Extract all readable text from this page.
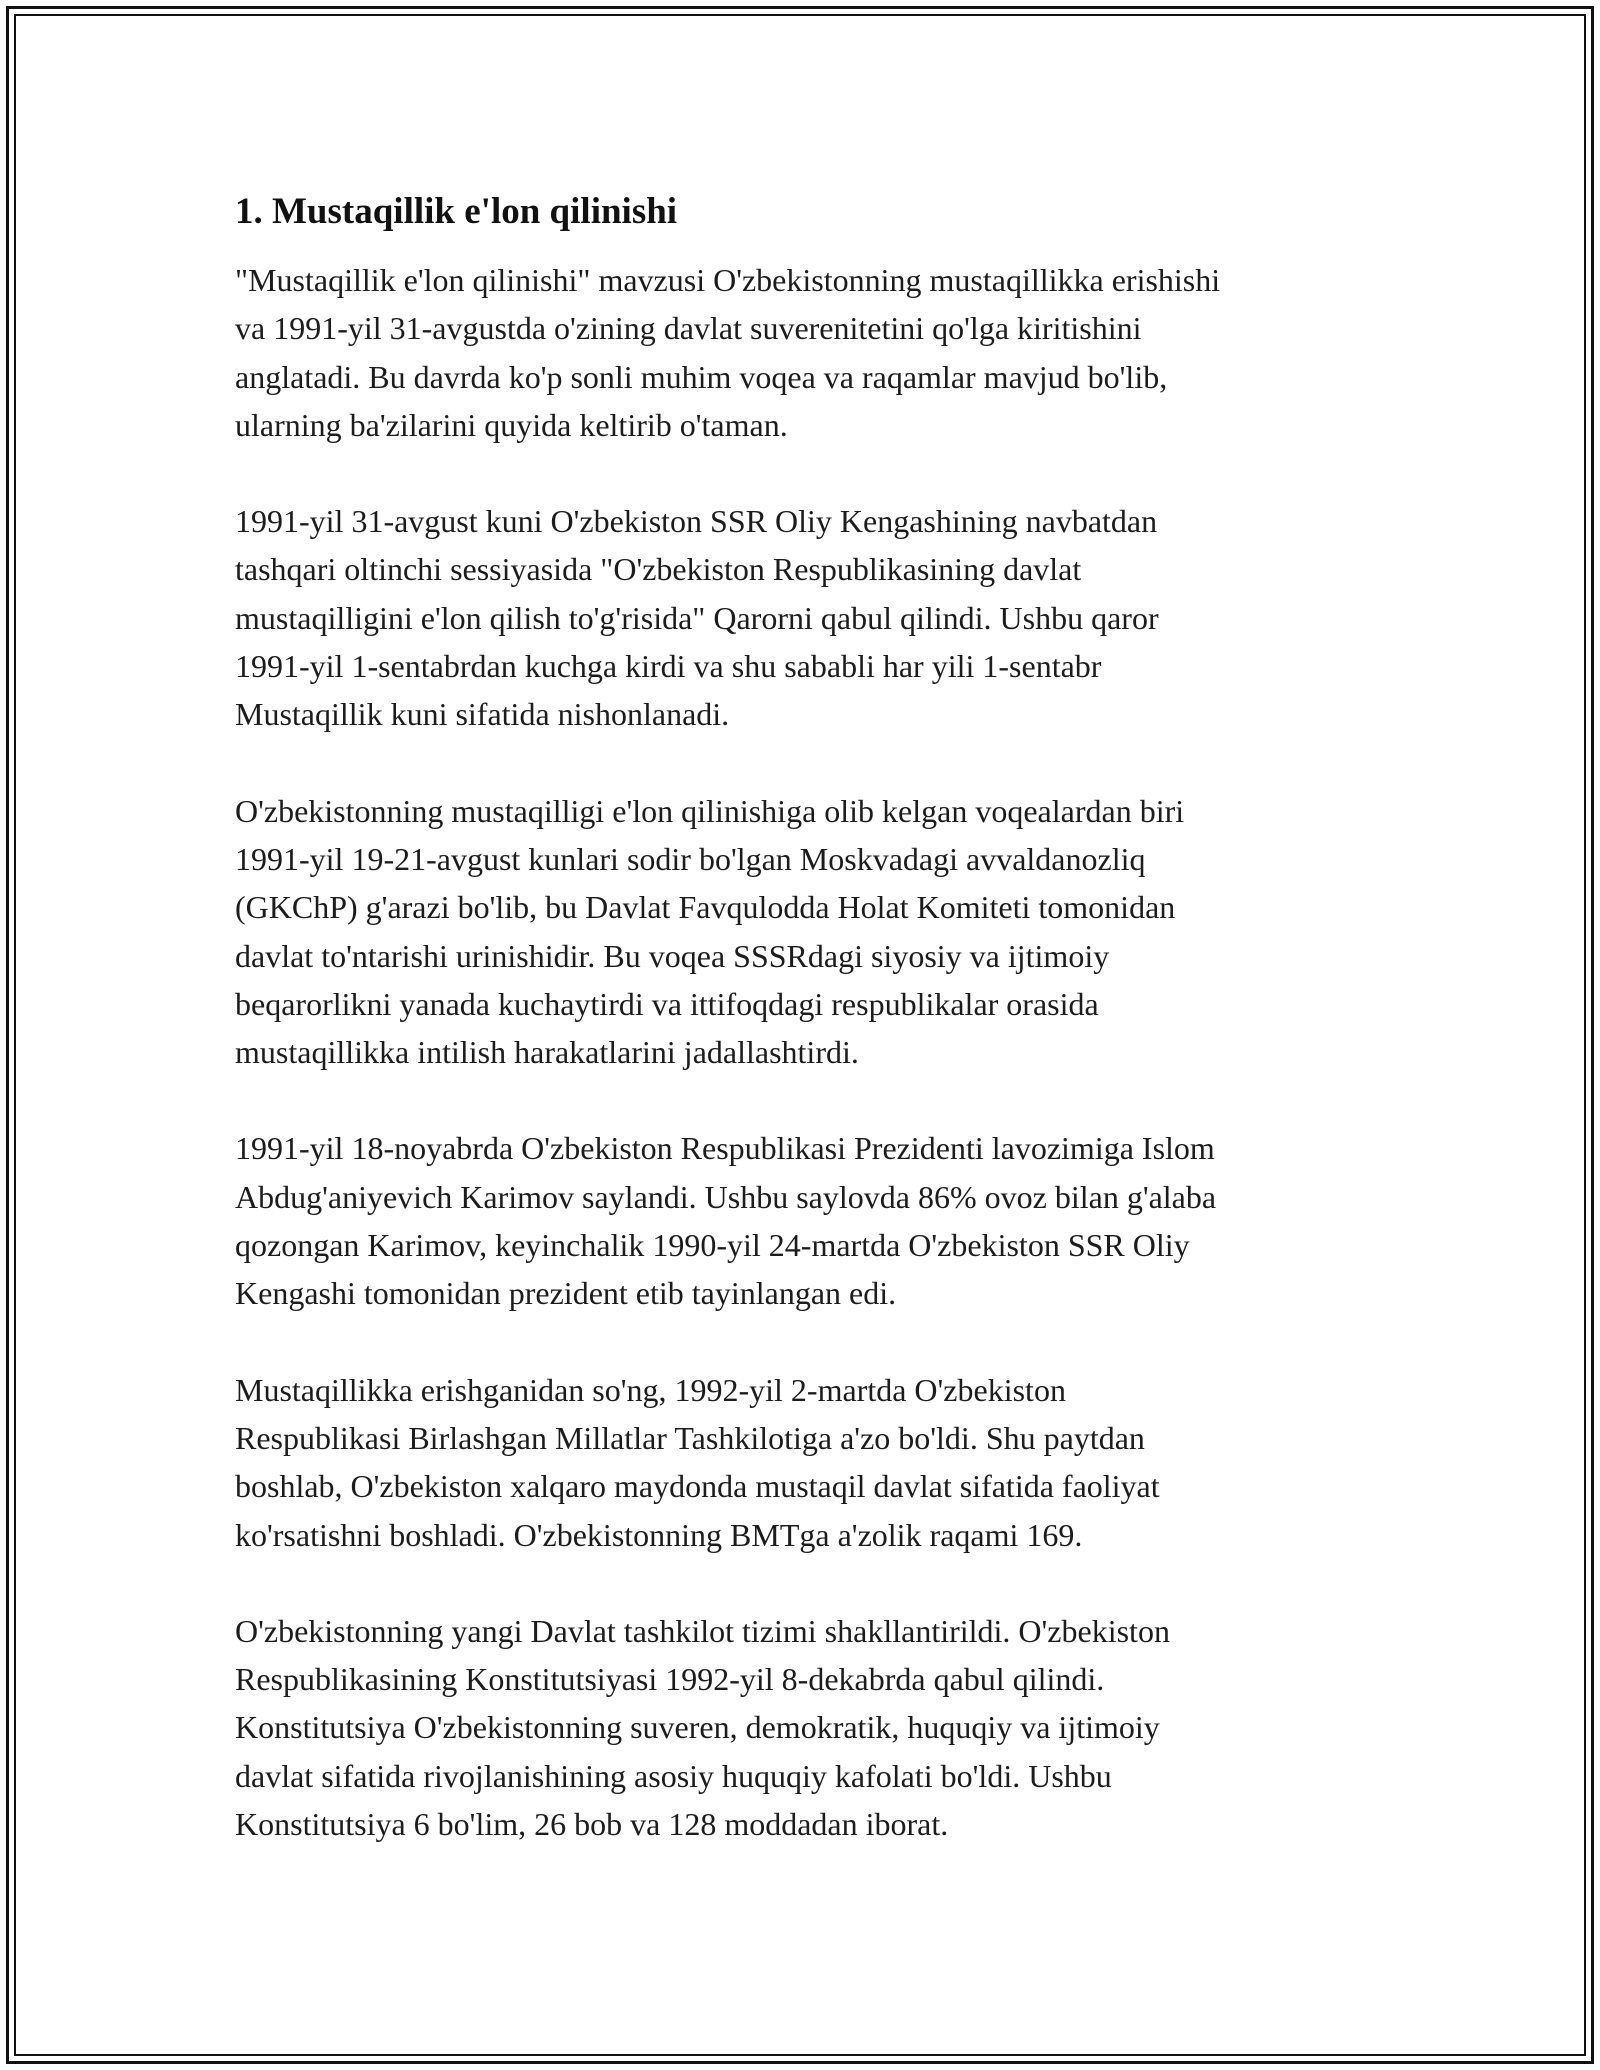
1. Mustaqillik e'lon qilinishi
"Mustaqillik e'lon qilinishi" mavzusi O'zbekistonning mustaqillikka erishishi
va 1991-yil 31-avgustda o'zining davlat suverenitetini qo'lga kiritishini
anglatadi. Bu davrda ko'p sonli muhim voqea va raqamlar mavjud bo'lib,
ularning ba'zilarini quyida keltirib o'taman.
1991-yil 31-avgust kuni O'zbekiston SSR Oliy Kengashining navbatdan
tashqari oltinchi sessiyasida "O'zbekiston Respublikasining davlat
mustaqilligini e'lon qilish to'g'risida" Qarorni qabul qilindi. Ushbu qaror
1991-yil 1-sentabrdan kuchga kirdi va shu sababli har yili 1-sentabr
Mustaqillik kuni sifatida nishonlanadi.
O'zbekistonning mustaqilligi e'lon qilinishiga olib kelgan voqealardan biri
1991-yil 19-21-avgust kunlari sodir bo'lgan Moskvadagi avvaldanozliq
(GKChP) g'arazi bo'lib, bu Davlat Favqulodda Holat Komiteti tomonidan
davlat to'ntarishi urinishidir. Bu voqea SSSRdagi siyosiy va ijtimoiy
beqarorlikni yanada kuchaytirdi va ittifoqdagi respublikalar orasida
mustaqillikka intilish harakatlarini jadallashtirdi.
1991-yil 18-noyabrda O'zbekiston Respublikasi Prezidenti lavozimiga Islom
Abdug'aniyevich Karimov saylandi. Ushbu saylovda 86% ovoz bilan g'alaba
qozongan Karimov, keyinchalik 1990-yil 24-martda O'zbekiston SSR Oliy
Kengashi tomonidan prezident etib tayinlangan edi.
Mustaqillikka erishganidan so'ng, 1992-yil 2-martda O'zbekiston
Respublikasi Birlashgan Millatlar Tashkilotiga a'zo bo'ldi. Shu paytdan
boshlab, O'zbekiston xalqaro maydonda mustaqil davlat sifatida faoliyat
ko'rsatishni boshladi. O'zbekistonning BMTga a'zolik raqami 169.
O'zbekistonning yangi Davlat tashkilot tizimi shakllantirildi. O'zbekiston
Respublikasining Konstitutsiyasi 1992-yil 8-dekabrda qabul qilindi.
Konstitutsiya O'zbekistonning suveren, demokratik, huquqiy va ijtimoiy
davlat sifatida rivojlanishining asosiy huquqiy kafolati bo'ldi. Ushbu
Konstitutsiya 6 bo'lim, 26 bob va 128 moddadan iborat.
